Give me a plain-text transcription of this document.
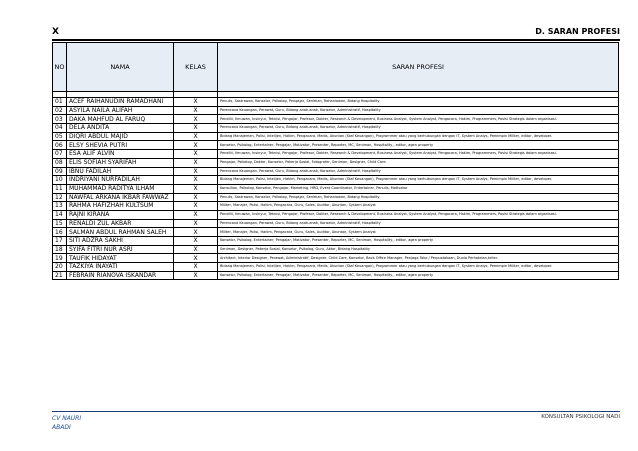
X	D. SARAN PROFESI
NO	NAMA	KELAS	SARAN PROFESI

01	ACEF RAIHANUDIN RAMADHANI	X	Penulis, Sastrawan, Konselor, Psikolog, Pengajar, Seniman, Rohaniawan, Bidang Hospitality
02	ASYILA NAILA ALIFAH	X	Perencana Keuangan, Perawat, Guru, Bidang anak-anak, Konselor, Administratif, Hospitality
03	DAKA MAHFUD AL FARUQ	X	Peneliti, Ilmuwan, Insinyur, Teknisi, Pengajar, Profesor, Dokter, Research & Development, Business Analyst, System Analyst, Pengacara, Hakim, Programmers, Posisi Strategis dalam organisasi.
04	DELA ANDITA	X	Perencana Keuangan, Perawat, Guru, Bidang anak-anak, Konselor, Administratif, Hospitality
05	DIQRI ABDUL MAJID	X	Bidang Manajemen, Polisi, Intelijen, Hakim, Pengacara, Medis, Akuntan (Staf Keuangan), Programmer atau yang berhubungan dengan IT, System Analys, Pemimpin Militer, editor, developer.
06	ELSY SHEVIA PUTRI	X	Konselor, Psikolog, Entertainer, Pengajar, Motivator, Presenter, Reporter, MC, Seniman, Hospitality,, editor, agen property
07	ESA ALIF ALVIN	X	Peneliti, Ilmuwan, Insinyur, Teknisi, Pengajar, Profesor, Dokter, Research & Development, Business Analyst, System Analyst, Pengacara, Hakim, Programmers, Posisi Strategis dalam organisasi.
08	ELIS SOFIAH SYARIFAH	X	Pengajar, Psikolog, Dokter, Konselor, Pekerja Sosial, Fotografer, Seniman, Designer, Child Care.
09	IBNU FADILAH	X	Perencana Keuangan, Perawat, Guru, Bidang anak-anak, Konselor, Administratif, Hospitality
10	INDRIYANI NURFADILAH	X	Bidang Manajemen, Polisi, Intelijen, Hakim, Pengacara, Medis, Akuntan (Staf Keuangan), Programmer atau yang berhubungan dengan IT, System Analys, Pemimpin Militer, editor, developer.
11	MUHAMMAD RADITYA ILHAM	X	Konsultan, Psikolog, Konselor, Pengajar, Marketing, HRD, Event Coordinator, Entertainer, Penulis, Motivator
12	NAWFAL ARKANA IKBAR FAWWAZ	X	Penulis, Sastrawan, Konselor, Psikolog, Pengajar, Seniman, Rohaniawan, Bidang Hospitality
13	RAHMA HAFIZHAH KULTSUM	X	Militer, Manajer, Polisi, Hakim, Pengacara, Guru, Sales, Auditor, Akuntan, System Analyst
14	RAJNI KIRANA	X	Peneliti, Ilmuwan, Insinyur, Teknisi, Pengajar, Profesor, Dokter, Research & Development, Business Analyst, System Analyst, Pengacara, Hakim, Programmers, Posisi Strategis dalam organisasi.
15	RENALDI ZUL AKBAR	X	Perencana Keuangan, Perawat, Guru, Bidang anak-anak, Konselor, Administratif, Hospitality
16	SALMAN ABDUL RAHMAN SALEH	X	Militer, Manajer, Polisi, Hakim, Pengacara, Guru, Sales, Auditor, Akuntan, System Analyst
17	SITI ADZRA SAKHI	X	Konselor, Psikolog, Entertainer, Pengajar, Motivator, Presenter, Reporter, MC, Seniman, Hospitality,, editor, agen property
18	SYIFA FITRI NUR ASRI	X	Seniman, Designer, Pekerja Sosial, Konselor, Psikolog, Guru, Aktor, Bidang Hospitality
19	TAUFIK HIDAYAT	X	Architect, Interior Designer, Perawat, Administratif, Designer, Child Care, Konselor, Back Office Manager, Penjaga Toko / Perpustakaan, Dunia Perhotelan,teller.
20	TAZKIYA INAYATI	X	Bidang Manajemen, Polisi, Intelijen, Hakim, Pengacara, Medis, Akuntan (Staf Keuangan), Programmer atau yang berhubungan dengan IT, System Analys, Pemimpin Militer, editor, developer.
21	FEBRAIN RIANOVA ISKANDAR	X	Konselor, Psikolog, Entertainer, Pengajar, Motivator, Presenter, Reporter, MC, Seniman, Hospitality,, editor, agen property
CV NAURI
ABADI
KONSULTAN PSIKOLOGI NADI
